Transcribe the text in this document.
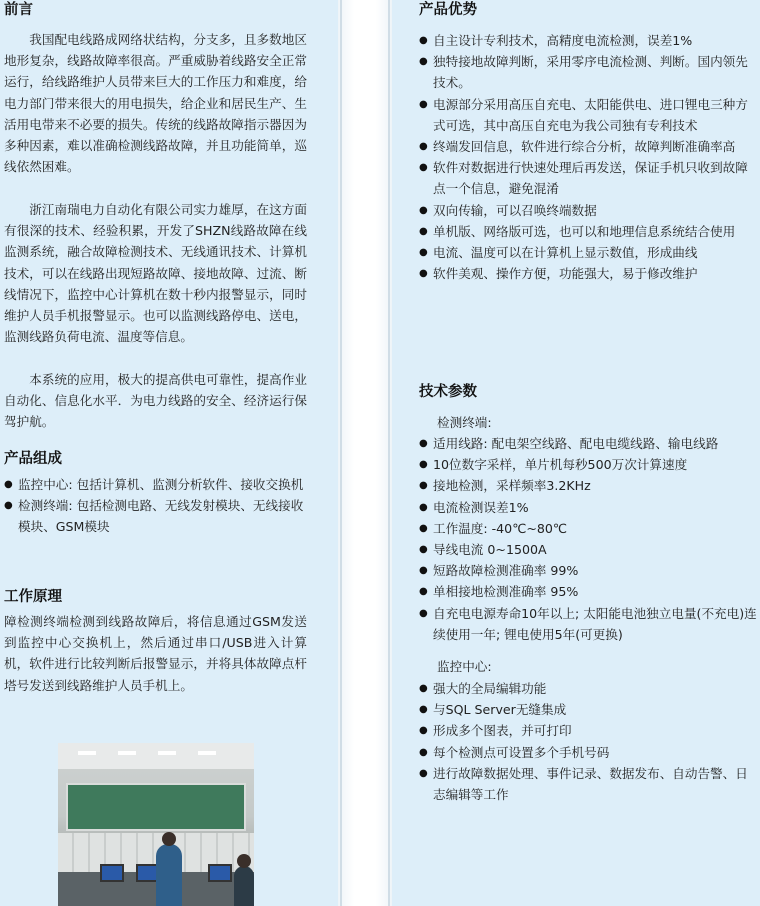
前言

我国配电线路成网络状结构，分支多，且多数地区地形复杂，线路故障率很高。严重威胁着线路安全正常运行，给线路维护人员带来巨大的工作压力和难度，给电力部门带来很大的用电损失，给企业和居民生产、生活用电带来不必要的损失。传统的线路故障指示器因为多种因素，难以准确检测线路故障，并且功能简单，巡线依然困难。

浙江南瑞电力自动化有限公司实力雄厚，在这方面有很深的技术、经验积累，开发了SHZN线路故障在线监测系统，融合故障检测技术、无线通讯技术、计算机技术，可以在线路出现短路故障、接地故障、过流、断线情况下，监控中心计算机在数十秒内报警显示，同时维护人员手机报警显示。也可以监测线路停电、送电，监测线路负荷电流、温度等信息。

本系统的应用，极大的提高供电可靠性，提高作业自动化、信息化水平．为电力线路的安全、经济运行保驾护航。

产品组成
● 监控中心: 包括计算机、监测分析软件、接收交换机
● 检测终端: 包括检测电路、无线发射模块、无线接收模块、GSM模块
工作原理

障检测终端检测到线路故障后，将信息通过GSM发送到监控中心交换机上，然后通过串口/USB进入计算机，软件进行比较判断后报警显示，并将具体故障点杆塔号发送到线路维护人员手机上。

产品优势
● 自主设计专利技术，高精度电流检测，误差1%
● 独特接地故障判断，采用零序电流检测、判断。国内领先技术。
● 电源部分采用高压自充电、太阳能供电、进口锂电三种方式可选，其中高压自充电为我公司独有专利技术
● 终端发回信息，软件进行综合分析，故障判断准确率高
● 软件对数据进行快速处理后再发送，保证手机只收到故障点一个信息，避免混淆
● 双向传输，可以召唤终端数据
● 单机版、网络版可选，也可以和地理信息系统结合使用
● 电流、温度可以在计算机上显示数值，形成曲线
● 软件美观、操作方便，功能强大，易于修改维护
技术参数

检测终端:

● 适用线路: 配电架空线路、配电电缆线路、输电线路
● 10位数字采样，单片机每秒500万次计算速度
● 接地检测，采样频率3.2KHz
● 电流检测误差1%
● 工作温度: -40℃~80℃
● 导线电流 0~1500A
● 短路故障检测准确率 99%
● 单相接地检测准确率 95%
● 自充电电源寿命10年以上; 太阳能电池独立电量(不充电)连续使用一年; 锂电使用5年(可更换)

监控中心:

● 强大的全局编辑功能
● 与SQL Server无缝集成
● 形成多个图表，并可打印
● 每个检测点可设置多个手机号码
● 进行故障数据处理、事件记录、数据发布、自动告警、日志编辑等工作
